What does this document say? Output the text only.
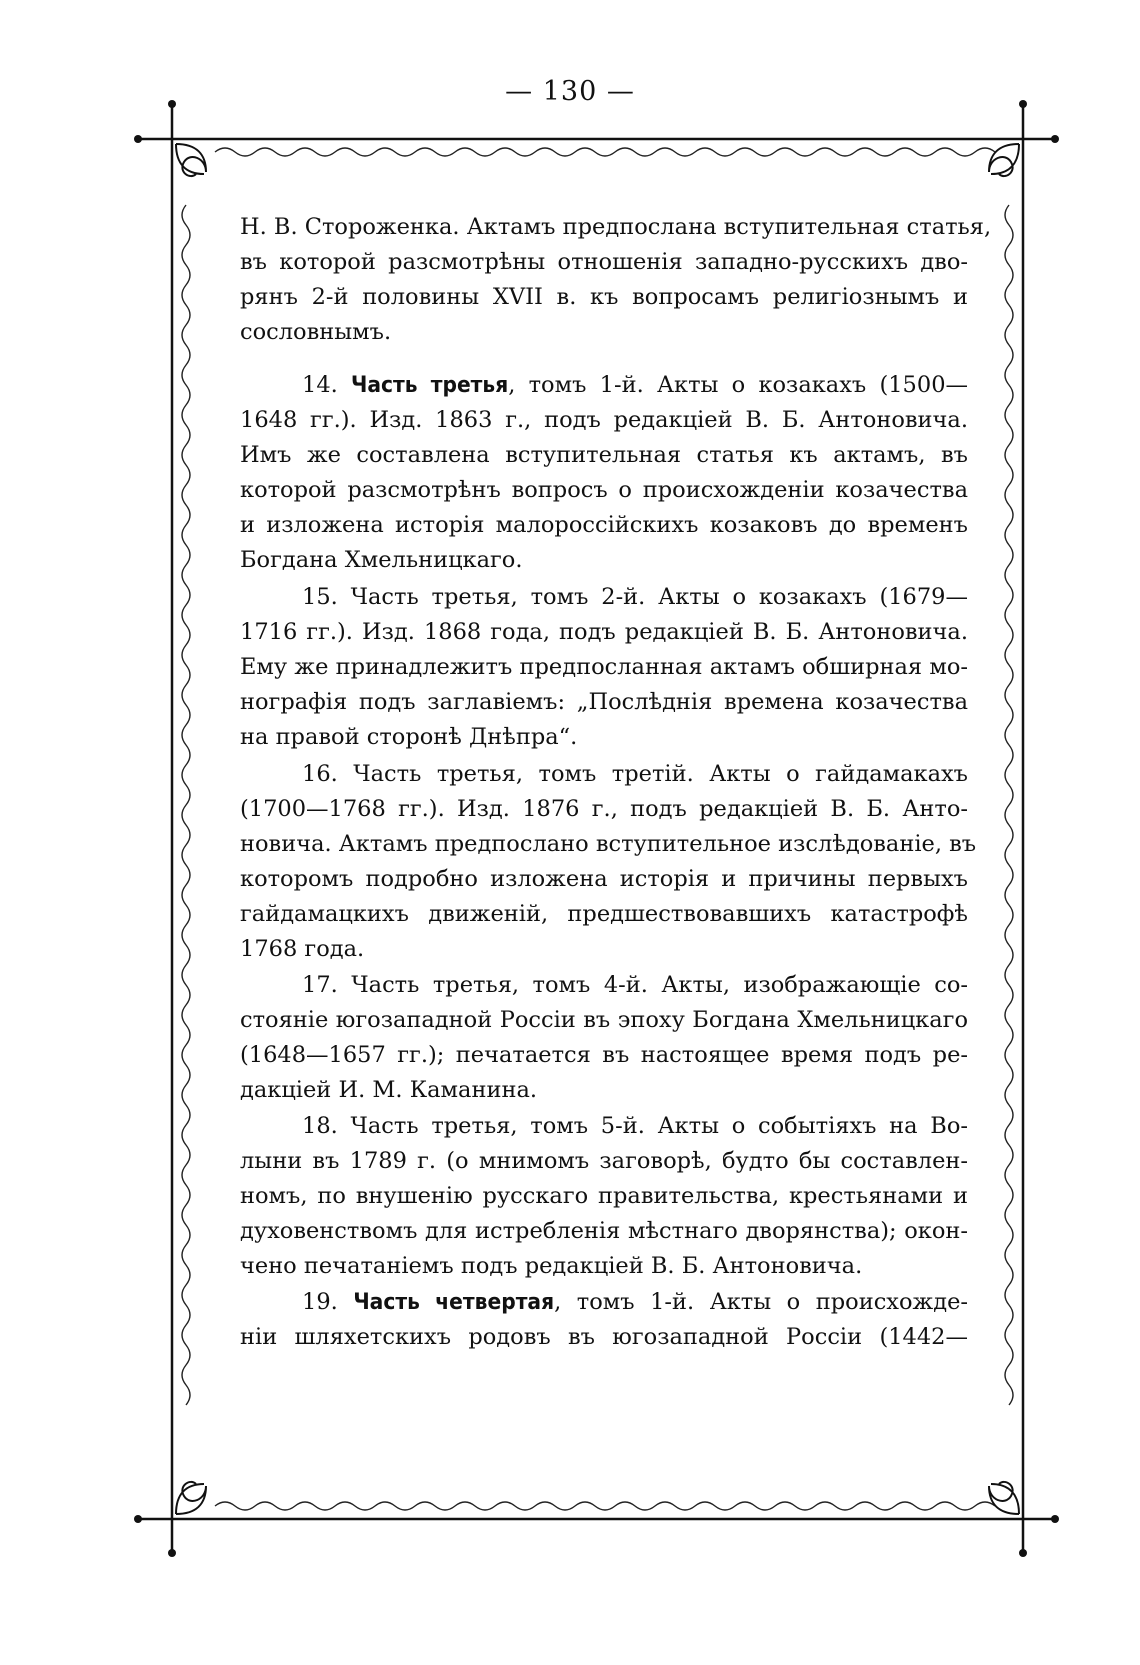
— 130 —
Н. В. Стороженка. Актамъ предпослана вступительная статья,
въ которой разсмотрѣны отношенія западно-русскихъ дво-
рянъ 2-й половины XVII в. къ вопросамъ религіознымъ и
сословнымъ.
14. Часть третья, томъ 1-й. Акты о козакахъ (1500—
1648 гг.). Изд. 1863 г., подъ редакціей В. Б. Антоновича.
Имъ же составлена вступительная статья къ актамъ, въ
которой разсмотрѣнъ вопросъ о происхожденіи козачества
и изложена исторія малороссійскихъ козаковъ до временъ
Богдана Хмельницкаго.
15. Часть третья, томъ 2-й. Акты о козакахъ (1679—
1716 гг.). Изд. 1868 года, подъ редакціей В. Б. Антоновича.
Ему же принадлежитъ предпосланная актамъ обширная мо-
нографія подъ заглавіемъ: „Послѣднія времена козачества
на правой сторонѣ Днѣпра“.
16. Часть третья, томъ третій. Акты о гайдамакахъ
(1700—1768 гг.). Изд. 1876 г., подъ редакціей В. Б. Анто-
новича. Актамъ предпослано вступительное изслѣдованіе, въ
которомъ подробно изложена исторія и причины первыхъ
гайдамацкихъ движеній, предшествовавшихъ катастрофѣ
1768 года.
17. Часть третья, томъ 4-й. Акты, изображающіе со-
стояніе югозападной Россіи въ эпоху Богдана Хмельницкаго
(1648—1657 гг.); печатается въ настоящее время подъ ре-
дакціей И. М. Каманина.
18. Часть третья, томъ 5-й. Акты о событіяхъ на Во-
лыни въ 1789 г. (о мнимомъ заговорѣ, будто бы составлен-
номъ, по внушенію русскаго правительства, крестьянами и
духовенствомъ для истребленія мѣстнаго дворянства); окон-
чено печатаніемъ подъ редакціей В. Б. Антоновича.
19. Часть четвертая, томъ 1-й. Акты о происхожде-
ніи шляхетскихъ родовъ въ югозападной Россіи (1442—
